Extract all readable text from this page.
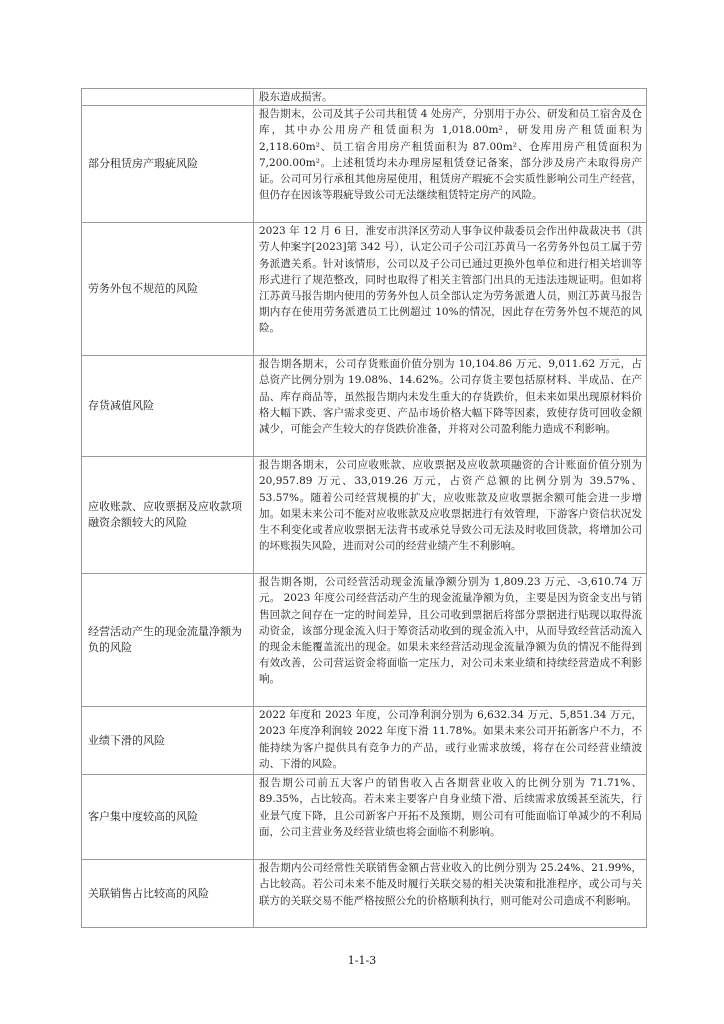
	股东造成损害。
部分租赁房产瑕疵风险	报告期末，公司及其子公司共租赁 4 处房产，分别用于办公、研发和员工宿舍及仓库，其中办公用房产租赁面积为 1,018.00m²，研发用房产租赁面积为 2,118.60m²、员工宿舍用房产租赁面积为 87.00m²、仓库用房产租赁面积为 7,200.00m²。上述租赁均未办理房屋租赁登记备案，部分涉及房产未取得房产证。公司可另行承租其他房屋使用，租赁房产瑕疵不会实质性影响公司生产经营，但仍存在因该等瑕疵导致公司无法继续租赁特定房产的风险。
劳务外包不规范的风险	2023 年 12 月 6 日，淮安市洪泽区劳动人事争议仲裁委员会作出仲裁裁决书（洪劳人仲案字[2023]第 342 号），认定公司子公司江苏黄马一名劳务外包员工属于劳务派遣关系。针对该情形，公司以及子公司已通过更换外包单位和进行相关培训等形式进行了规范整改，同时也取得了相关主管部门出具的无违法违规证明。但如将江苏黄马报告期内使用的劳务外包人员全部认定为劳务派遣人员，则江苏黄马报告期内存在使用劳务派遣员工比例超过 10%的情况，因此存在劳务外包不规范的风险。
存货减值风险	报告期各期末，公司存货账面价值分别为 10,104.86 万元、9,011.62 万元，占总资产比例分别为 19.08%、14.62%。公司存货主要包括原材料、半成品、在产品、库存商品等，虽然报告期内未发生重大的存货跌价，但未来如果出现原材料价格大幅下跌、客户需求变更、产品市场价格大幅下降等因素，致使存货可回收金额减少，可能会产生较大的存货跌价准备，并将对公司盈利能力造成不利影响。
应收账款、应收票据及应收款项融资余额较大的风险	报告期各期末，公司应收账款、应收票据及应收款项融资的合计账面价值分别为 20,957.89 万元、33,019.26 万元，占资产总额的比例分别为 39.57%、53.57%。随着公司经营规模的扩大，应收账款及应收票据余额可能会进一步增加。如果未来公司不能对应收账款及应收票据进行有效管理，下游客户资信状况发生不利变化或者应收票据无法背书或承兑导致公司无法及时收回货款，将增加公司的坏账损失风险，进而对公司的经营业绩产生不利影响。
经营活动产生的现金流量净额为负的风险	报告期各期，公司经营活动现金流量净额分别为 1,809.23 万元、-3,610.74 万元。 2023 年度公司经营活动产生的现金流量净额为负，主要是因为资金支出与销售回款之间存在一定的时间差异，且公司收到票据后将部分票据进行贴现以取得流动资金，该部分现金流入归于筹资活动收到的现金流入中，从而导致经营活动流入的现金未能覆盖流出的现金。如果未来经营活动现金流量净额为负的情况不能得到有效改善，公司营运资金将面临一定压力，对公司未来业绩和持续经营造成不利影响。
业绩下滑的风险	2022 年度和 2023 年度，公司净利润分别为 6,632.34 万元、5,851.34 万元，2023 年度净利润较 2022 年度下滑 11.78%。如果未来公司开拓新客户不力，不能持续为客户提供具有竞争力的产品，或行业需求放缓，将存在公司经营业绩波动、下滑的风险。
客户集中度较高的风险	报告期公司前五大客户的销售收入占各期营业收入的比例分别为 71.71%、89.35%，占比较高。若未来主要客户自身业绩下滑、后续需求放缓甚至流失，行业景气度下降，且公司新客户开拓不及预期，则公司有可能面临订单减少的不利局面，公司主营业务及经营业绩也将会面临不利影响。
关联销售占比较高的风险	报告期内公司经常性关联销售金额占营业收入的比例分别为 25.24%、21.99%，占比较高。若公司未来不能及时履行关联交易的相关决策和批准程序，或公司与关联方的关联交易不能严格按照公允的价格顺利执行，则可能对公司造成不利影响。
1-1-3
